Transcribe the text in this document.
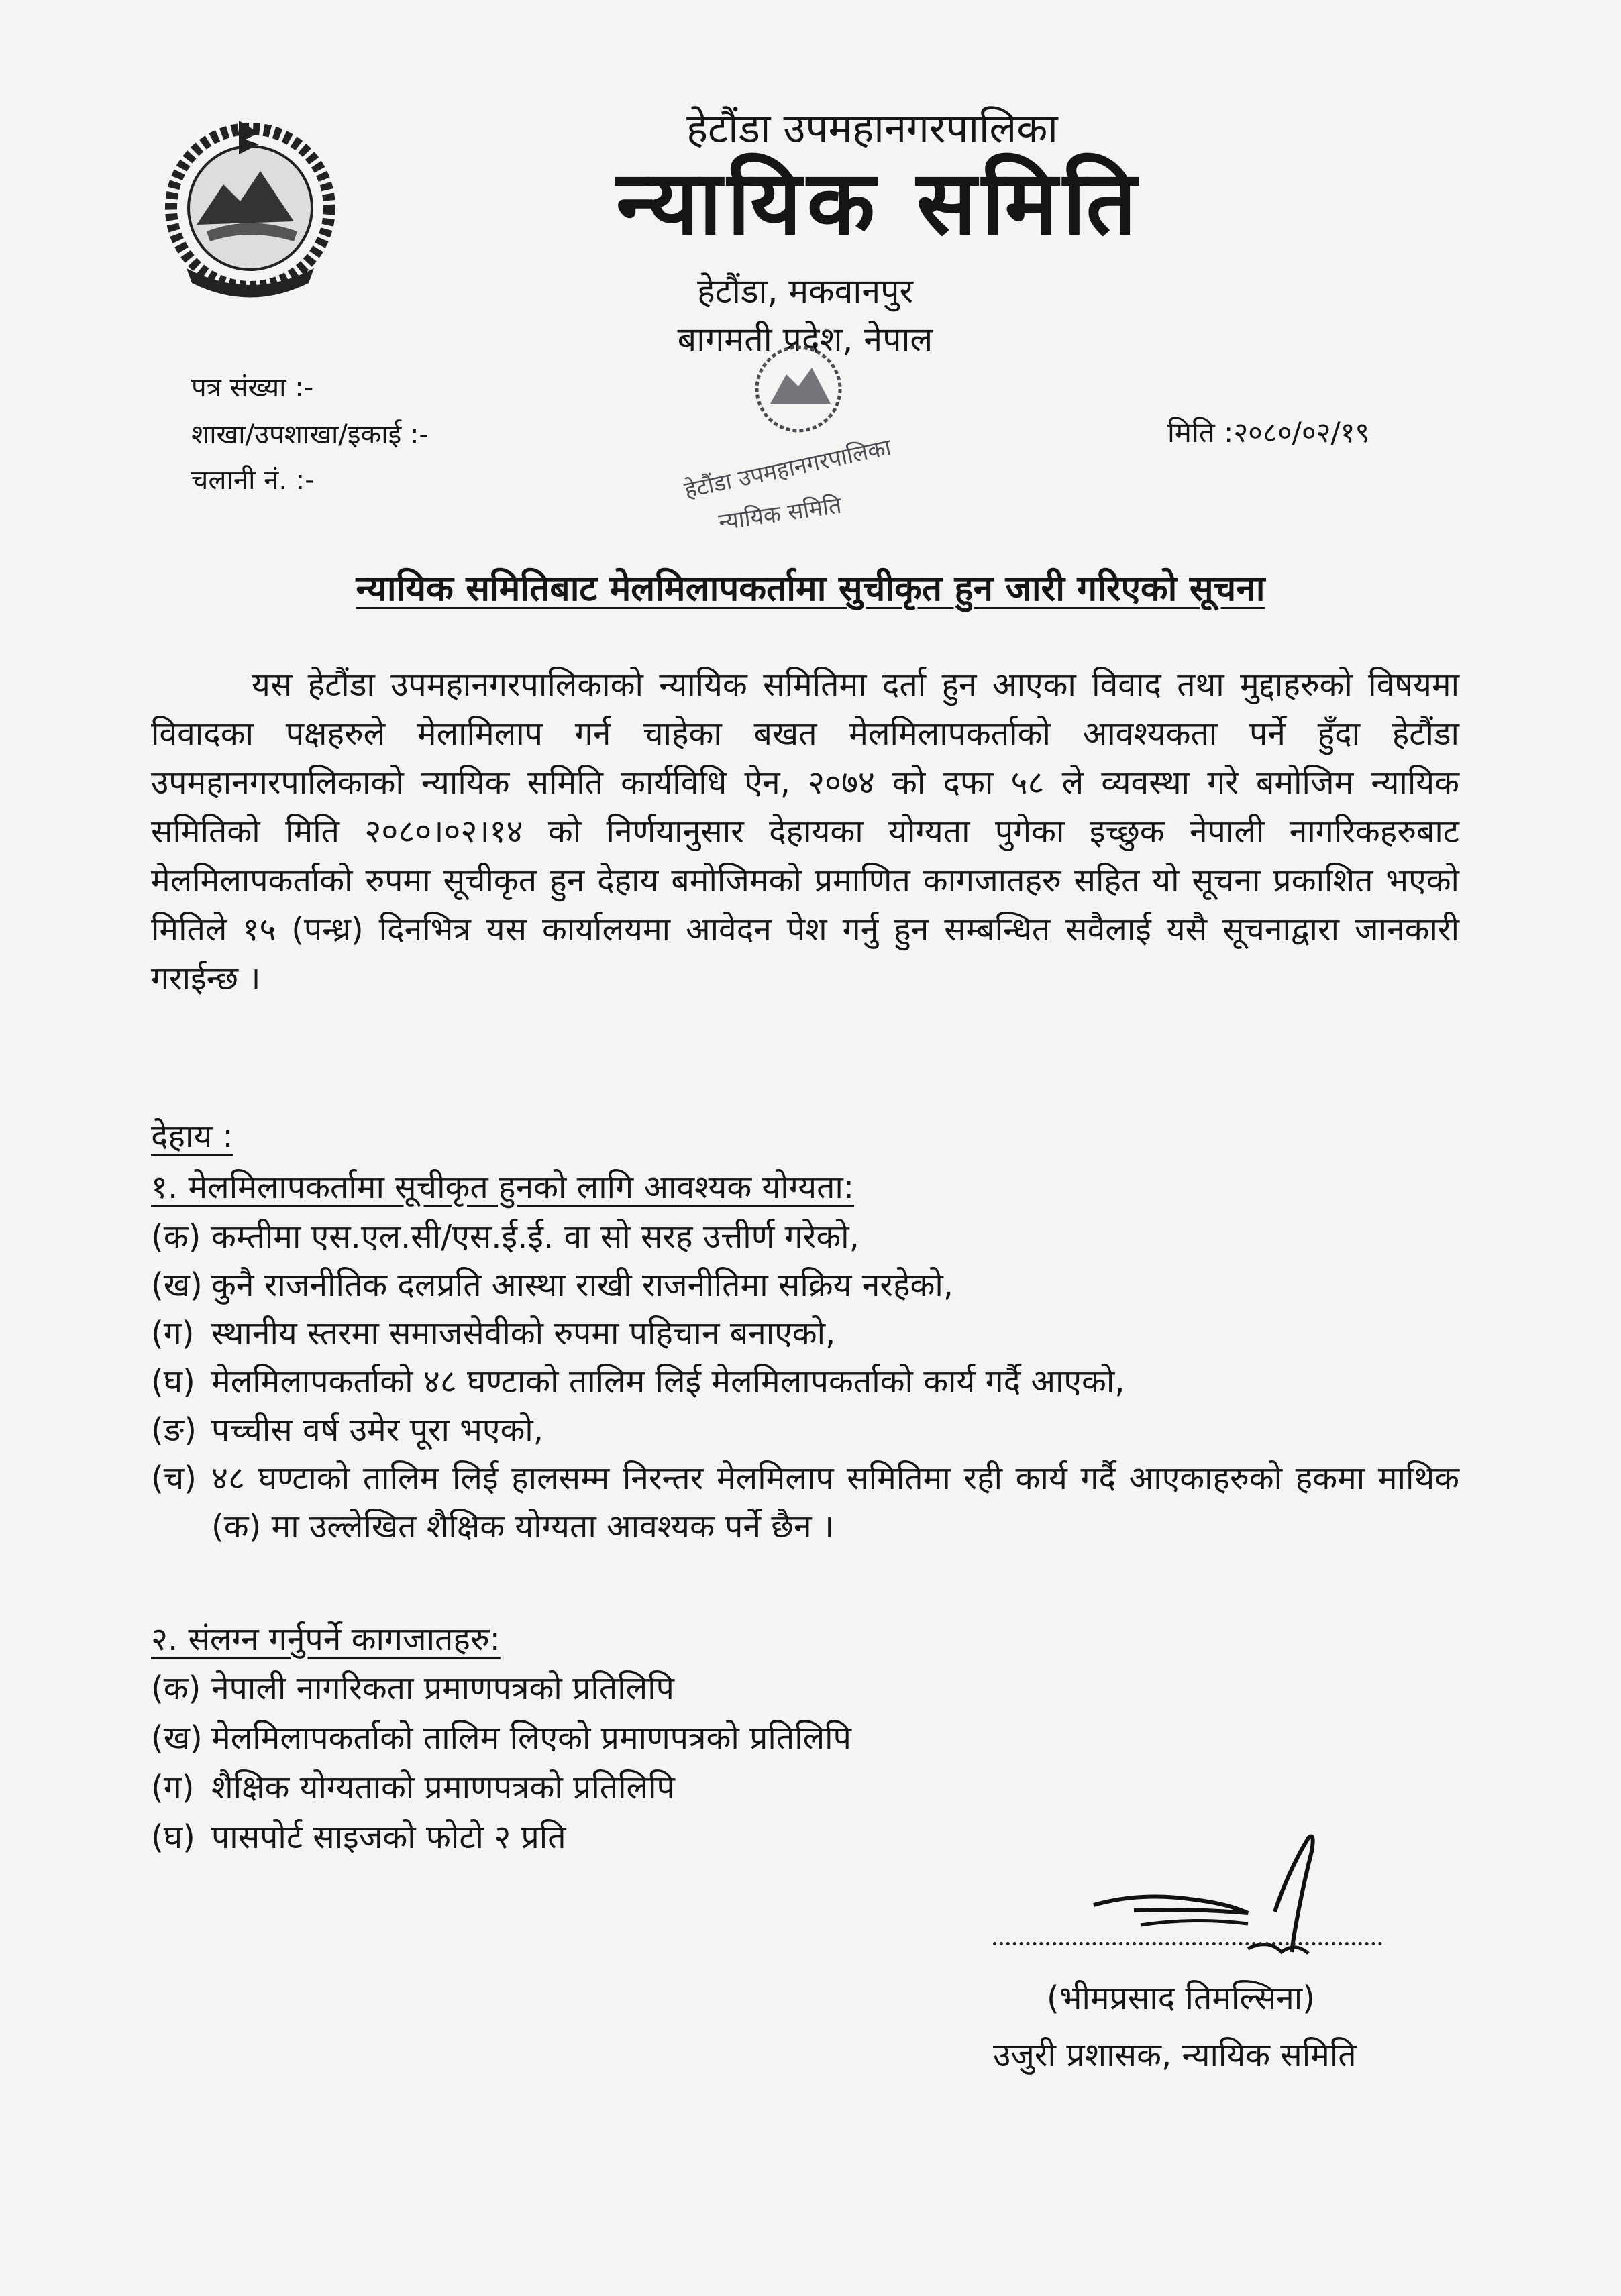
हेटौंडा उपमहानगरपालिका
न्यायिक समिति
हेटौंडा, मकवानपुर
बागमती प्रदेश, नेपाल
पत्र संख्या :-
शाखा/उपशाखा/इकाई :-
चलानी नं. :-
मिति :२०८०/०२/१९
हेटौंडा उपमहानगरपालिका
न्यायिक समिति
न्यायिक समितिबाट मेलमिलापकर्तामा सुचीकृत हुन जारी गरिएको सूचना

यस हेटौंडा उपमहानगरपालिकाको न्यायिक समितिमा दर्ता हुन आएका विवाद तथा मुद्दाहरुको विषयमा विवादका पक्षहरुले मेलामिलाप गर्न चाहेका बखत मेलमिलापकर्ताको आवश्यकता पर्ने हुँदा हेटौंडा उपमहानगरपालिकाको न्यायिक समिति कार्यविधि ऐन, २०७४ को दफा ५८ ले व्यवस्था गरे बमोजिम न्यायिक समितिको मिति २०८०।०२।१४ को निर्णयानुसार देहायका योग्यता पुगेका इच्छुक नेपाली नागरिकहरुबाट मेलमिलापकर्ताको रुपमा सूचीकृत हुन देहाय बमोजिमको प्रमाणित कागजातहरु सहित यो सूचना प्रकाशित भएको मितिले १५ (पन्ध्र) दिनभित्र यस कार्यालयमा आवेदन पेश गर्नु हुन सम्बन्धित सवैलाई यसै सूचनाद्वारा जानकारी गराईन्छ ।

देहाय :
१. मेलमिलापकर्तामा सूचीकृत हुनको लागि आवश्यक योग्यता:
(क) कम्तीमा एस.एल.सी/एस.ई.ई. वा सो सरह उत्तीर्ण गरेको,
(ख) कुनै राजनीतिक दलप्रति आस्था राखी राजनीतिमा सक्रिय नरहेको,
(ग) स्थानीय स्तरमा समाजसेवीको रुपमा पहिचान बनाएको,
(घ) मेलमिलापकर्ताको ४८ घण्टाको तालिम लिई मेलमिलापकर्ताको कार्य गर्दै आएको,
(ङ) पच्चीस वर्ष उमेर पूरा भएको,
(च) ४८ घण्टाको तालिम लिई हालसम्म निरन्तर मेलमिलाप समितिमा रही कार्य गर्दै आएकाहरुको हकमा माथिक (क) मा उल्लेखित शैक्षिक योग्यता आवश्यक पर्ने छैन ।
२. संलग्न गर्नुपर्ने कागजातहरु:
(क) नेपाली नागरिकता प्रमाणपत्रको प्रतिलिपि
(ख) मेलमिलापकर्ताको तालिम लिएको प्रमाणपत्रको प्रतिलिपि
(ग) शैक्षिक योग्यताको प्रमाणपत्रको प्रतिलिपि
(घ) पासपोर्ट साइजको फोटो २ प्रति
(भीमप्रसाद तिमल्सिना)
उजुरी प्रशासक, न्यायिक समिति
